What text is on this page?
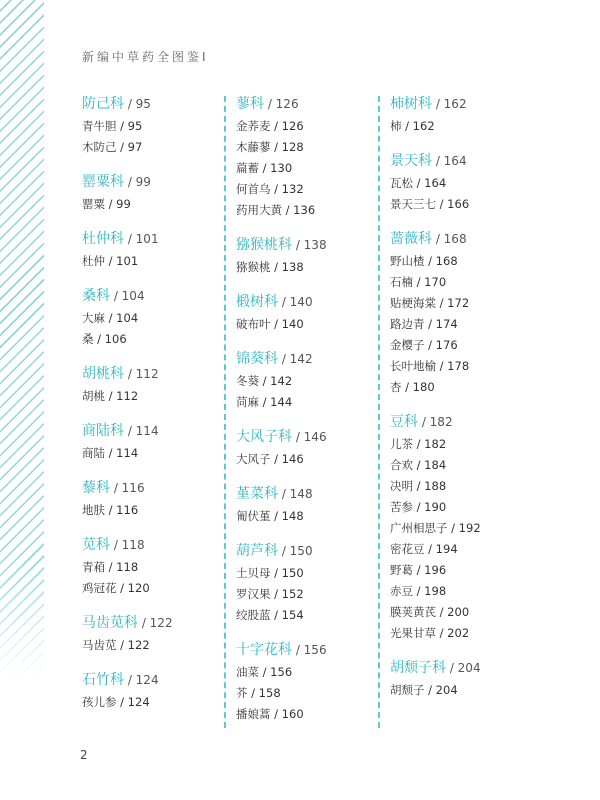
新编中草药全图鉴Ⅰ
防己科 / 95
青牛胆 / 95
木防己 / 97
罂粟科 / 99
罂粟 / 99
杜仲科 / 101
杜仲 / 101
桑科 / 104
大麻 / 104
桑 / 106
胡桃科 / 112
胡桃 / 112
商陆科 / 114
商陆 / 114
藜科 / 116
地肤 / 116
苋科 / 118
青葙 / 118
鸡冠花 / 120
马齿苋科 / 122
马齿苋 / 122
石竹科 / 124
孩儿参 / 124
蓼科 / 126
金荞麦 / 126
木藤蓼 / 128
萹蓄 / 130
何首乌 / 132
药用大黄 / 136
猕猴桃科 / 138
猕猴桃 / 138
椴树科 / 140
破布叶 / 140
锦葵科 / 142
冬葵 / 142
苘麻 / 144
大风子科 / 146
大风子 / 146
堇菜科 / 148
匍伏堇 / 148
葫芦科 / 150
土贝母 / 150
罗汉果 / 152
绞股蓝 / 154
十字花科 / 156
油菜 / 156
芥 / 158
播娘蒿 / 160
柿树科 / 162
柿 / 162
景天科 / 164
瓦松 / 164
景天三七 / 166
蔷薇科 / 168
野山楂 / 168
石楠 / 170
贴梗海棠 / 172
路边青 / 174
金樱子 / 176
长叶地榆 / 178
杏 / 180
豆科 / 182
儿茶 / 182
合欢 / 184
决明 / 188
苦参 / 190
广州相思子 / 192
密花豆 / 194
野葛 / 196
赤豆 / 198
膜荚黄芪 / 200
光果甘草 / 202
胡颓子科 / 204
胡颓子 / 204
2
